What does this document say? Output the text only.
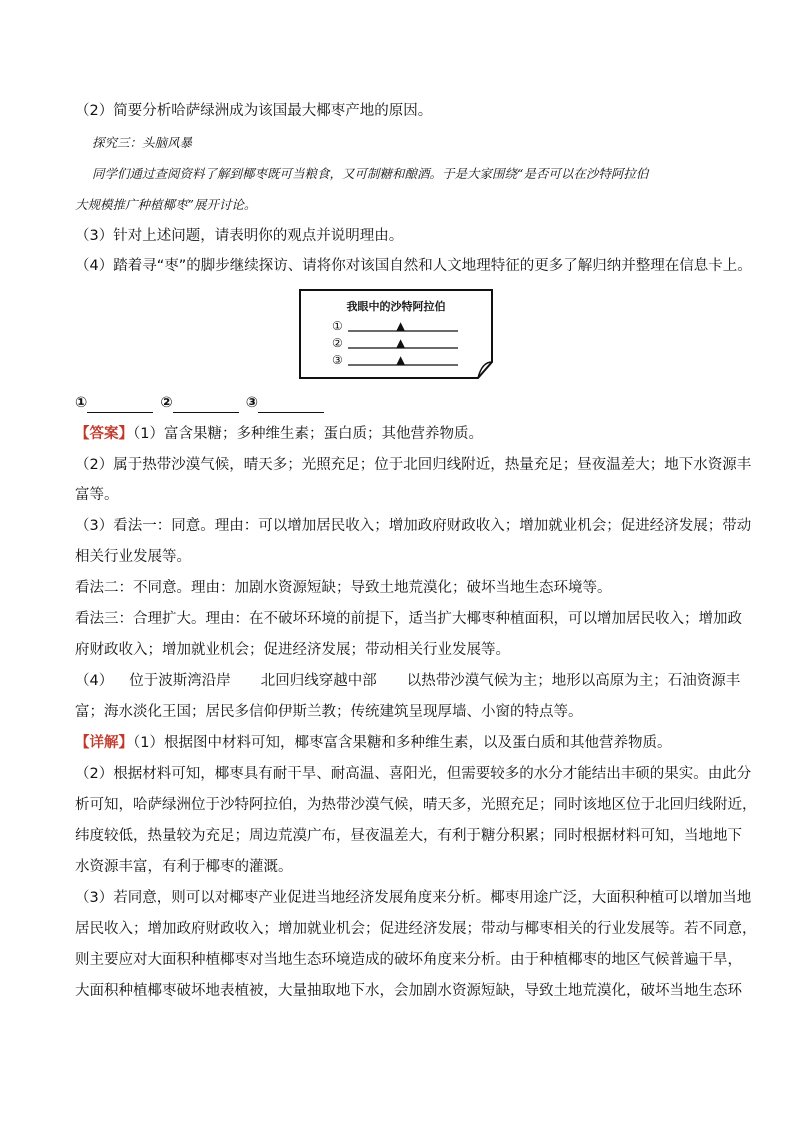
（2）简要分析哈萨绿洲成为该国最大椰枣产地的原因。
探究三：头脑风暴
同学们通过查阅资料了解到椰枣既可当粮食，又可制糖和酿酒。于是大家围绕“是否可以在沙特阿拉伯
大规模推广种植椰枣”展开讨论。
（3）针对上述问题，请表明你的观点并说明理由。
（4）踏着寻“枣”的脚步继续探访、请将你对该国自然和人文地理特征的更多了解归纳并整理在信息卡上。
我眼中的沙特阿拉伯
①	▲
②	▲
③	▲
①	②	③
【答案】（1）富含果糖；多种维生素；蛋白质；其他营养物质。
（2）属于热带沙漠气候，晴天多；光照充足；位于北回归线附近，热量充足；昼夜温差大；地下水资源丰
富等。
（3）看法一：同意。理由：可以增加居民收入；增加政府财政收入；增加就业机会；促进经济发展；带动
相关行业发展等。
看法二：不同意。理由：加剧水资源短缺；导致土地荒漠化；破坏当地生态环境等。
看法三：合理扩大。理由：在不破坏环境的前提下，适当扩大椰枣种植面积，可以增加居民收入；增加政
府财政收入；增加就业机会；促进经济发展；带动相关行业发展等。
（4） 位于波斯湾沿岸 北回归线穿越中部 以热带沙漠气候为主；地形以高原为主；石油资源丰
富；海水淡化王国；居民多信仰伊斯兰教；传统建筑呈现厚墙、小窗的特点等。
【详解】（1）根据图中材料可知，椰枣富含果糖和多种维生素，以及蛋白质和其他营养物质。
（2）根据材料可知，椰枣具有耐干旱、耐高温、喜阳光，但需要较多的水分才能结出丰硕的果实。由此分
析可知，哈萨绿洲位于沙特阿拉伯，为热带沙漠气候，晴天多，光照充足；同时该地区位于北回归线附近，
纬度较低，热量较为充足；周边荒漠广布，昼夜温差大，有利于糖分积累；同时根据材料可知，当地地下
水资源丰富，有利于椰枣的灌溉。
（3）若同意，则可以对椰枣产业促进当地经济发展角度来分析。椰枣用途广泛，大面积种植可以增加当地
居民收入；增加政府财政收入；增加就业机会；促进经济发展；带动与椰枣相关的行业发展等。若不同意，
则主要应对大面积种植椰枣对当地生态环境造成的破坏角度来分析。由于种植椰枣的地区气候普遍干旱，
大面积种植椰枣破坏地表植被，大量抽取地下水，会加剧水资源短缺，导致土地荒漠化，破坏当地生态环
